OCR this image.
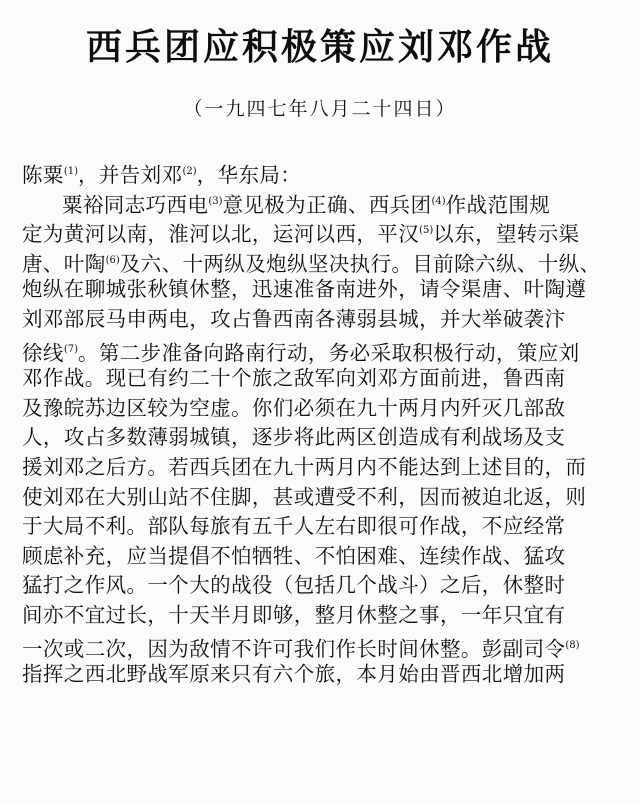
西兵团应积极策应刘邓作战
（一九四七年八月二十四日）
陈粟$^{(1)}$，并告刘邓$^{(2)}$，华东局：
粟裕同志巧西电$^{(3)}$意见极为正确、西兵团$^{(4)}$作战范围规
定为黄河以南，淮河以北，运河以西，平汉$^{(5)}$以东，望转示渠
唐、叶陶$^{(6)}$及六、十两纵及炮纵坚决执行。目前除六纵、十纵、
炮纵在聊城张秋镇休整，迅速准备南进外，请令渠唐、叶陶遵
刘邓部辰马申两电，攻占鲁西南各薄弱县城，并大举破袭汴
徐线$^{(7)}$。第二步准备向路南行动，务必采取积极行动，策应刘
邓作战。现已有约二十个旅之敌军向刘邓方面前进，鲁西南
及豫皖苏边区较为空虚。你们必须在九十两月内歼灭几部敌
人，攻占多数薄弱城镇，逐步将此两区创造成有利战场及支
援刘邓之后方。若西兵团在九十两月内不能达到上述目的，而
使刘邓在大别山站不住脚，甚或遭受不利，因而被迫北返，则
于大局不利。部队每旅有五千人左右即很可作战，不应经常
顾虑补充，应当提倡不怕牺牲、不怕困难、连续作战、猛攻
猛打之作风。一个大的战役（包括几个战斗）之后，休整时
间亦不宜过长，十天半月即够，整月休整之事，一年只宜有
一次或二次，因为敌情不许可我们作长时间休整。彭副司令$^{(8)}$
指挥之西北野战军原来只有六个旅，本月始由晋西北增加两
